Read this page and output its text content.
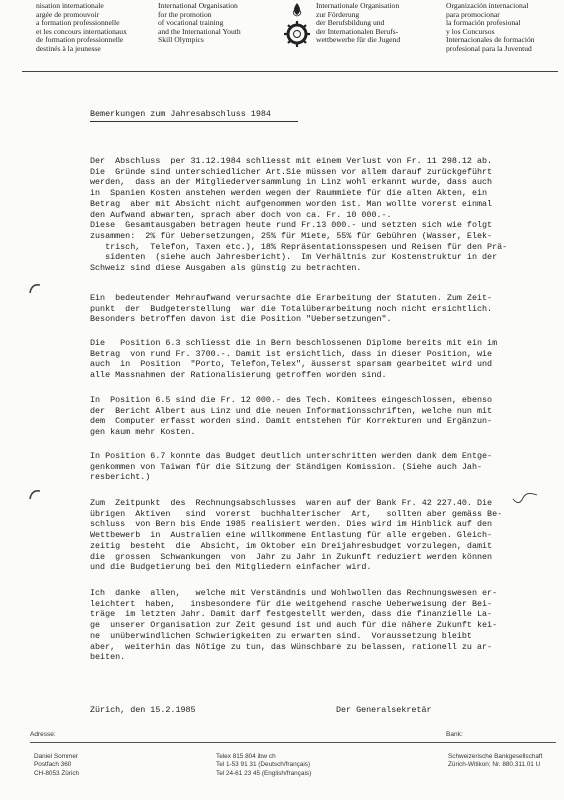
nisation internationale
argée de promouvoir
a formation professionnelle
et les concours internationaux
de formation professionnelle
destinés à la jeunesse
International Organisation
for the promotion
of vocational training
and the International Youth
Skill Olympics
Internationale Organisation
zur Förderung
der Berufsbildung und
der Internationalen Berufs-
wettbewerbe für die Jugend
Organización internacional
para promocionar
la formación profesional
y los Concursos
Internacionales de formación
profesional para la Juventud
Bemerkungen zum Jahresabschluss 1984
Der  Abschluss  per 31.12.1984 schliesst mit einem Verlust von Fr. 11 298.12 ab.
Die  Gründe sind unterschiedlicher Art.Sie müssen vor allem darauf zurückgeführt
werden,  dass an der Mitgliederversammlung in Linz wohl erkannt wurde, dass auch
in  Spanien Kosten anstehen werden wegen der Raummiete für die alten Akten, ein
Betrag  aber mit Absicht nicht aufgenommen worden ist. Man wollte vorerst einmal
den Aufwand abwarten, sprach aber doch von ca. Fr. 10 000.-.
Diese  Gesamtausgaben betragen heute rund Fr.13 000.- und setzten sich wie folgt
zusammen:  2% für Uebersetzungen, 25% für Miete, 55% für Gebühren (Wasser, Elek-
trisch,  Telefon, Taxen etc.), 18% Repräsentationsspesen und Reisen für den Prä-
sidenten  (siehe auch Jahresbericht).  Im Verhältnis zur Kostenstruktur in der
Schweiz sind diese Ausgaben als günstig zu betrachten.
Ein  bedeutender Mehraufwand verursachte die Erarbeitung der Statuten. Zum Zeit-
punkt  der  Budgeterstellung  war die Totalüberarbeitung noch nicht ersichtlich.
Besonders betroffen davon ist die Position "Uebersetzungen".
Die   Position 6.3 schliesst die in Bern beschlossenen Diplome bereits mit ein im
Betrag  von rund Fr. 3700.-. Damit ist ersichtlich, dass in dieser Position, wie
auch  in  Position  "Porto, Telefon,Telex", äusserst sparsam gearbeitet wird und
alle Massnahmen der Rationalisierung getroffen worden sind.
In  Position 6.5 sind die Fr. 12 000.- des Tech. Komitees eingeschlossen, ebenso
der  Bericht Albert aus Linz und die neuen Informationsschriften, welche nun mit
dem  Computer erfasst worden sind. Damit entstehen für Korrekturen und Ergänzun-
gen kaum mehr Kosten.
In Position 6.7 konnte das Budget deutlich unterschritten werden dank dem Entge-
genkommen von Taiwan für die Sitzung der Ständigen Komission. (Siehe auch Jah-
resbericht.)
Zum  Zeitpunkt  des  Rechnungsabschlusses  waren auf der Bank Fr. 42 227.40. Die
übrigen  Aktiven   sind  vorerst  buchhalterischer  Art,   sollten aber gemäss Be-
schluss  von Bern bis Ende 1985 realisiert werden. Dies wird im Hinblick auf den
Wettbewerb  in  Australien eine willkommene Entlastung für alle ergeben. Gleich-
zeitig  besteht  die  Absicht, im Oktober ein Dreijahresbudget vorzulegen, damit
die  grossen  Schwankungen  von  Jahr zu Jahr in Zukunft reduziert werden können
und die Budgetierung bei den Mitgliedern einfacher wird.
Ich  danke  allen,   welche mit Verständnis und Wohlwollen das Rechnungswesen er-
leichtert  haben,   insbesondere für die weitgehend rasche Ueberweisung der Bei-
träge  im letzten Jahr. Damit darf festgestellt werden, dass die finanzielle La-
ge  unserer Organisation zur Zeit gesund ist und auch für die nähere Zukunft kei-
ne  unüberwindlichen Schwierigkeiten zu erwarten sind.  Voraussetzung bleibt
aber,  weiterhin das Nötige zu tun, das Wünschbare zu belassen, rationell zu ar-
beiten.
Zürich, den 15.2.1985	Der Generalsekretär
Adresse:	Bank:
Daniel Sommer
Postfach 360
CH-8053 Zürich
Telex 815 804 ibw ch
Tel 1-53 91 31 (Deutsch/français)
Tel 24-61 23 45 (English/français)
Schweizerische Bankgesellschaft
Zürich-Witikon: Nr. 880.311.01 U
